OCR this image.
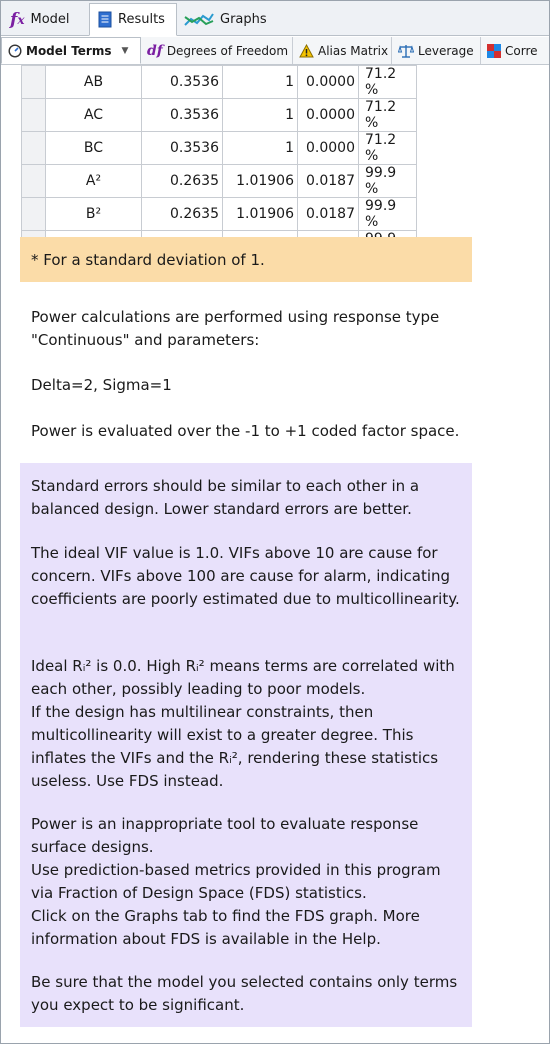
f x Model	Results	Graphs
Model Terms ▼ df Degrees of Freedom Alias Matrix Leverage	Corre
	AB	0.3536	1	0.0000	71.2 %
	AC	0.3536	1	0.0000	71.2 %
	BC	0.3536	1	0.0000	71.2 %
	A²	0.2635	1.01906	0.0187	99.9 %
	B²	0.2635	1.01906	0.0187	99.9 %

* For a standard deviation of 1.
Power calculations are performed using response type
"Continuous" and parameters:
Delta=2, Sigma=1
Power is evaluated over the -1 to +1 coded factor space.
Standard errors should be similar to each other in a
balanced design. Lower standard errors are better.
The ideal VIF value is 1.0. VIFs above 10 are cause for
concern. VIFs above 100 are cause for alarm, indicating
coefficients are poorly estimated due to multicollinearity.
Ideal Rᵢ² is 0.0. High Rᵢ² means terms are correlated with
each other, possibly leading to poor models.
If the design has multilinear constraints, then
multicollinearity will exist to a greater degree. This
inflates the VIFs and the Rᵢ², rendering these statistics
useless. Use FDS instead.
Power is an inappropriate tool to evaluate response
surface designs.
Use prediction-based metrics provided in this program
via Fraction of Design Space (FDS) statistics.
Click on the Graphs tab to find the FDS graph. More
information about FDS is available in the Help.
Be sure that the model you selected contains only terms
you expect to be significant.
